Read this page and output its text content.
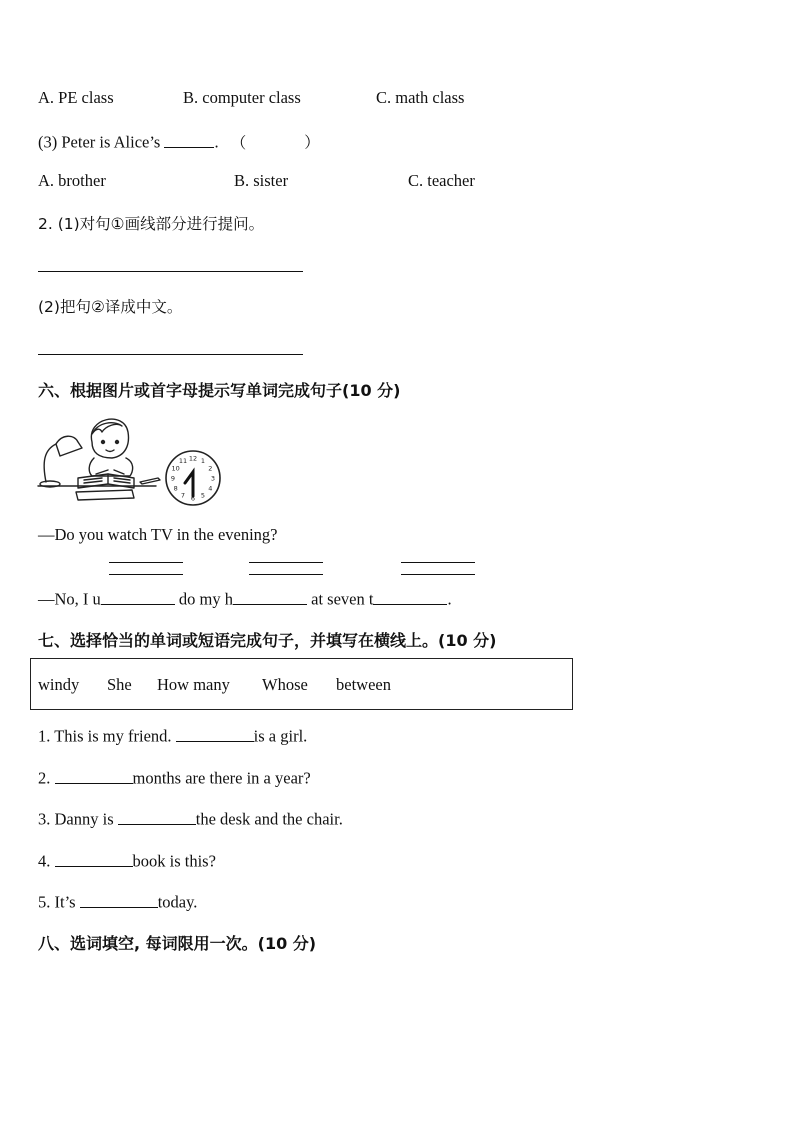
A. PE class	B. computer class	C. math class
(3) Peter is Alice’s	. （	）
A. brother	B. sister	C. teacher
2. (1)对句①画线部分进行提问。
(2)把句②译成中文。
六、根据图片或首字母提示写单词完成句子(10 分)
12 1
2
3
4
5
6
7
8
9
10
11
—Do you watch TV in the evening?
—No, I u	do my h	at seven t	.
七、选择恰当的单词或短语完成句子，并填写在横线上。(10 分)
windy She How many Whose between
1. This is my friend.	is a girl.
2.	months are there in a year?
3. Danny is	the desk and the chair.
4.	book is this?
5. It’s	today.
八、选词填空, 每词限用一次。(10 分)
